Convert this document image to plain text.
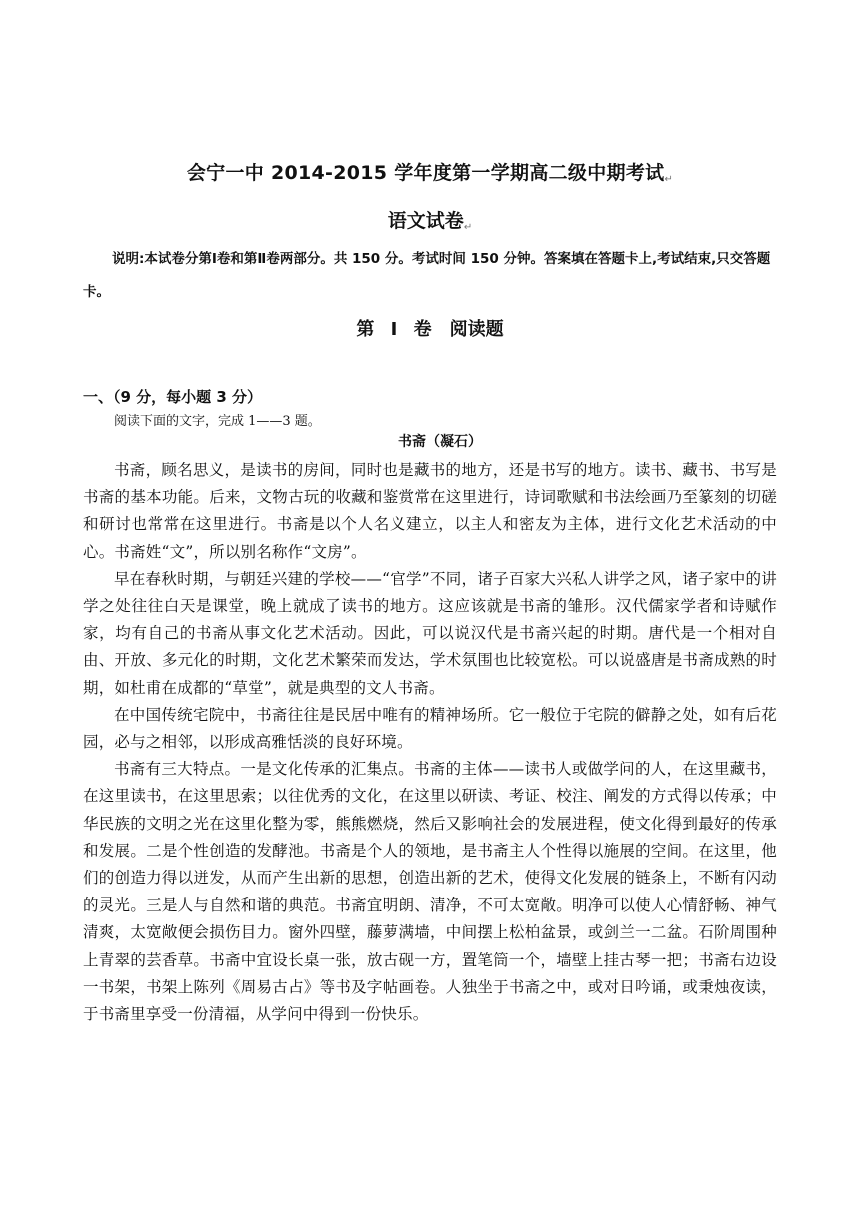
会宁一中 2014-2015 学年度第一学期高二级中期考试↵
语文试卷↵
说明:本试卷分第Ⅰ卷和第Ⅱ卷两部分。共 150 分。考试时间 150 分钟。答案填在答题卡上,考试结束,只交答题卡。
第 I 卷　阅读题
一、（9 分，每小题 3 分）
阅读下面的文字，完成 1——3 题。
书斋（凝石）

书斋，顾名思义，是读书的房间，同时也是藏书的地方，还是书写的地方。读书、藏书、书写是书斋的基本功能。后来，文物古玩的收藏和鉴赏常在这里进行，诗词歌赋和书法绘画乃至篆刻的切磋和研讨也常常在这里进行。书斋是以个人名义建立，以主人和密友为主体，进行文化艺术活动的中心。书斋姓“文”，所以别名称作“文房”。

早在春秋时期，与朝廷兴建的学校——“官学”不同，诸子百家大兴私人讲学之风，诸子家中的讲学之处往往白天是课堂，晚上就成了读书的地方。这应该就是书斋的雏形。汉代儒家学者和诗赋作家，均有自己的书斋从事文化艺术活动。因此，可以说汉代是书斋兴起的时期。唐代是一个相对自由、开放、多元化的时期，文化艺术繁荣而发达，学术氛围也比较宽松。可以说盛唐是书斋成熟的时期，如杜甫在成都的“草堂”，就是典型的文人书斋。

在中国传统宅院中，书斋往往是民居中唯有的精神场所。它一般位于宅院的僻静之处，如有后花园，必与之相邻，以形成高雅恬淡的良好环境。

书斋有三大特点。一是文化传承的汇集点。书斋的主体——读书人或做学问的人，在这里藏书，在这里读书，在这里思索；以往优秀的文化，在这里以研读、考证、校注、阐发的方式得以传承；中华民族的文明之光在这里化整为零，熊熊燃烧，然后又影响社会的发展进程，使文化得到最好的传承和发展。二是个性创造的发酵池。书斋是个人的领地，是书斋主人个性得以施展的空间。在这里，他们的创造力得以迸发，从而产生出新的思想，创造出新的艺术，使得文化发展的链条上，不断有闪动的灵光。三是人与自然和谐的典范。书斋宜明朗、清净，不可太宽敞。明净可以使人心情舒畅、神气清爽，太宽敞便会损伤目力。窗外四壁，藤萝满墙，中间摆上松柏盆景，或剑兰一二盆。石阶周围种上青翠的芸香草。书斋中宜设长桌一张，放古砚一方，置笔筒一个，墙壁上挂古琴一把；书斋右边设一书架，书架上陈列《周易古占》等书及字帖画卷。人独坐于书斋之中，或对日吟诵，或秉烛夜读，于书斋里享受一份清福，从学问中得到一份快乐。
